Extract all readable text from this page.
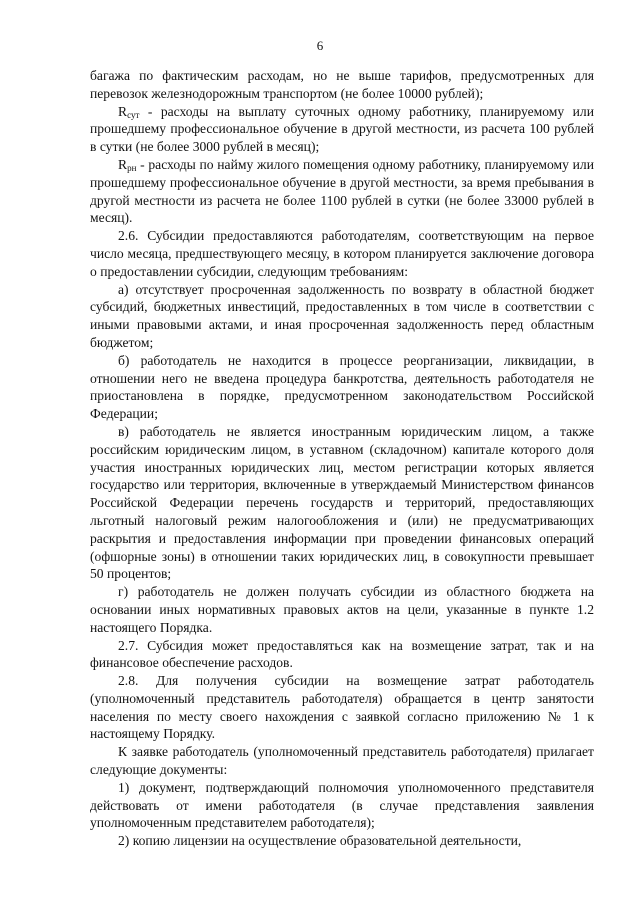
6

багажа по фактическим расходам, но не выше тарифов, предусмотренных для перевозок железнодорожным транспортом (не более 10000 рублей);

$R_{сут}$ - расходы на выплату суточных одному работнику, планируемому или прошедшему профессиональное обучение в другой местности, из расчета 100 рублей в сутки (не более 3000 рублей в месяц);

$R_{рн}$ - расходы по найму жилого помещения одному работнику, планируемому или прошедшему профессиональное обучение в другой местности, за время пребывания в другой местности из расчета не более 1100 рублей в сутки (не более 33000 рублей в месяц).

2.6. Субсидии предоставляются работодателям, соответствующим на первое число месяца, предшествующего месяцу, в котором планируется заключение договора о предоставлении субсидии, следующим требованиям:

а) отсутствует просроченная задолженность по возврату в областной бюджет субсидий, бюджетных инвестиций, предоставленных в том числе в соответствии с иными правовыми актами, и иная просроченная задолженность перед областным бюджетом;

б) работодатель не находится в процессе реорганизации, ликвидации, в отношении него не введена процедура банкротства, деятельность работодателя не приостановлена в порядке, предусмотренном законодательством Российской Федерации;

в) работодатель не является иностранным юридическим лицом, а также российским юридическим лицом, в уставном (складочном) капитале которого доля участия иностранных юридических лиц, местом регистрации которых является государство или территория, включенные в утверждаемый Министерством финансов Российской Федерации перечень государств и территорий, предоставляющих льготный налоговый режим налогообложения и (или) не предусматривающих раскрытия и предоставления информации при проведении финансовых операций (офшорные зоны) в отношении таких юридических лиц, в совокупности превышает 50 процентов;

г) работодатель не должен получать субсидии из областного бюджета на основании иных нормативных правовых актов на цели, указанные в пункте 1.2 настоящего Порядка.

2.7. Субсидия может предоставляться как на возмещение затрат, так и на финансовое обеспечение расходов.

2.8. Для получения субсидии на возмещение затрат работодатель (уполномоченный представитель работодателя) обращается в центр занятости населения по месту своего нахождения с заявкой согласно приложению № 1 к настоящему Порядку.

К заявке работодатель (уполномоченный представитель работодателя) прилагает следующие документы:

1) документ, подтверждающий полномочия уполномоченного представителя действовать от имени работодателя (в случае представления заявления уполномоченным представителем работодателя);

2) копию лицензии на осуществление образовательной деятельности,
